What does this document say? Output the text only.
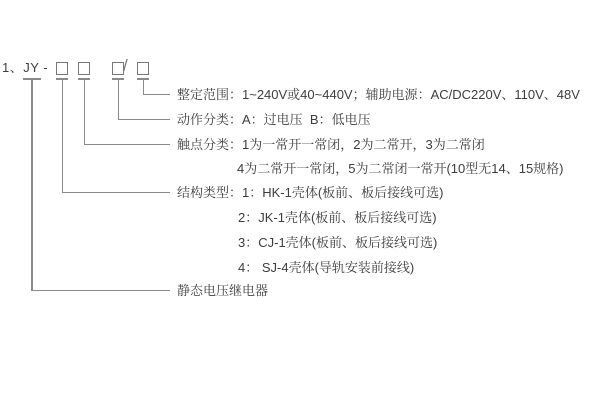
1、JY -	/
整定范围：1~240V或40~440V；辅助电源：AC/DC220V、110V、48V
动作分类：A：过电压  B：低电压
触点分类：1为一常开一常闭，2为二常开，3为二常闭
4为二常开一常闭，5为二常闭一常开(10型无14、15规格)
结构类型：1：HK-1壳体(板前、板后接线可选)
2：JK-1壳体(板前、板后接线可选)
3：CJ-1壳体(板前、板后接线可选)
4： SJ-4壳体(导轨安装前接线)
静态电压继电器
